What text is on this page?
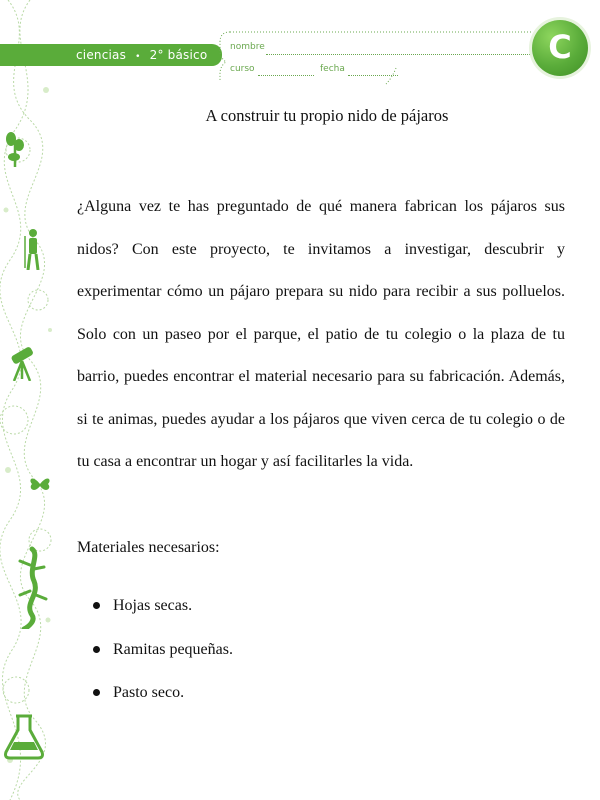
ciencias • 2° básico
nombre
curso	fecha
C
A construir tu propio nido de pájaros

¿Alguna vez te has preguntado de qué manera fabrican los pájaros sus nidos? Con este proyecto, te invitamos a investigar, descubrir y experimentar cómo un pájaro prepara su nido para recibir a sus polluelos. Solo con un paseo por el parque, el patio de tu colegio o la plaza de tu barrio, puedes encontrar el material necesario para su fabricación. Además, si te animas, puedes ayudar a los pájaros que viven cerca de tu colegio o de tu casa a encontrar un hogar y así facilitarles la vida.

Materiales necesarios:

Hojas secas.
Ramitas pequeñas.
Pasto seco.
